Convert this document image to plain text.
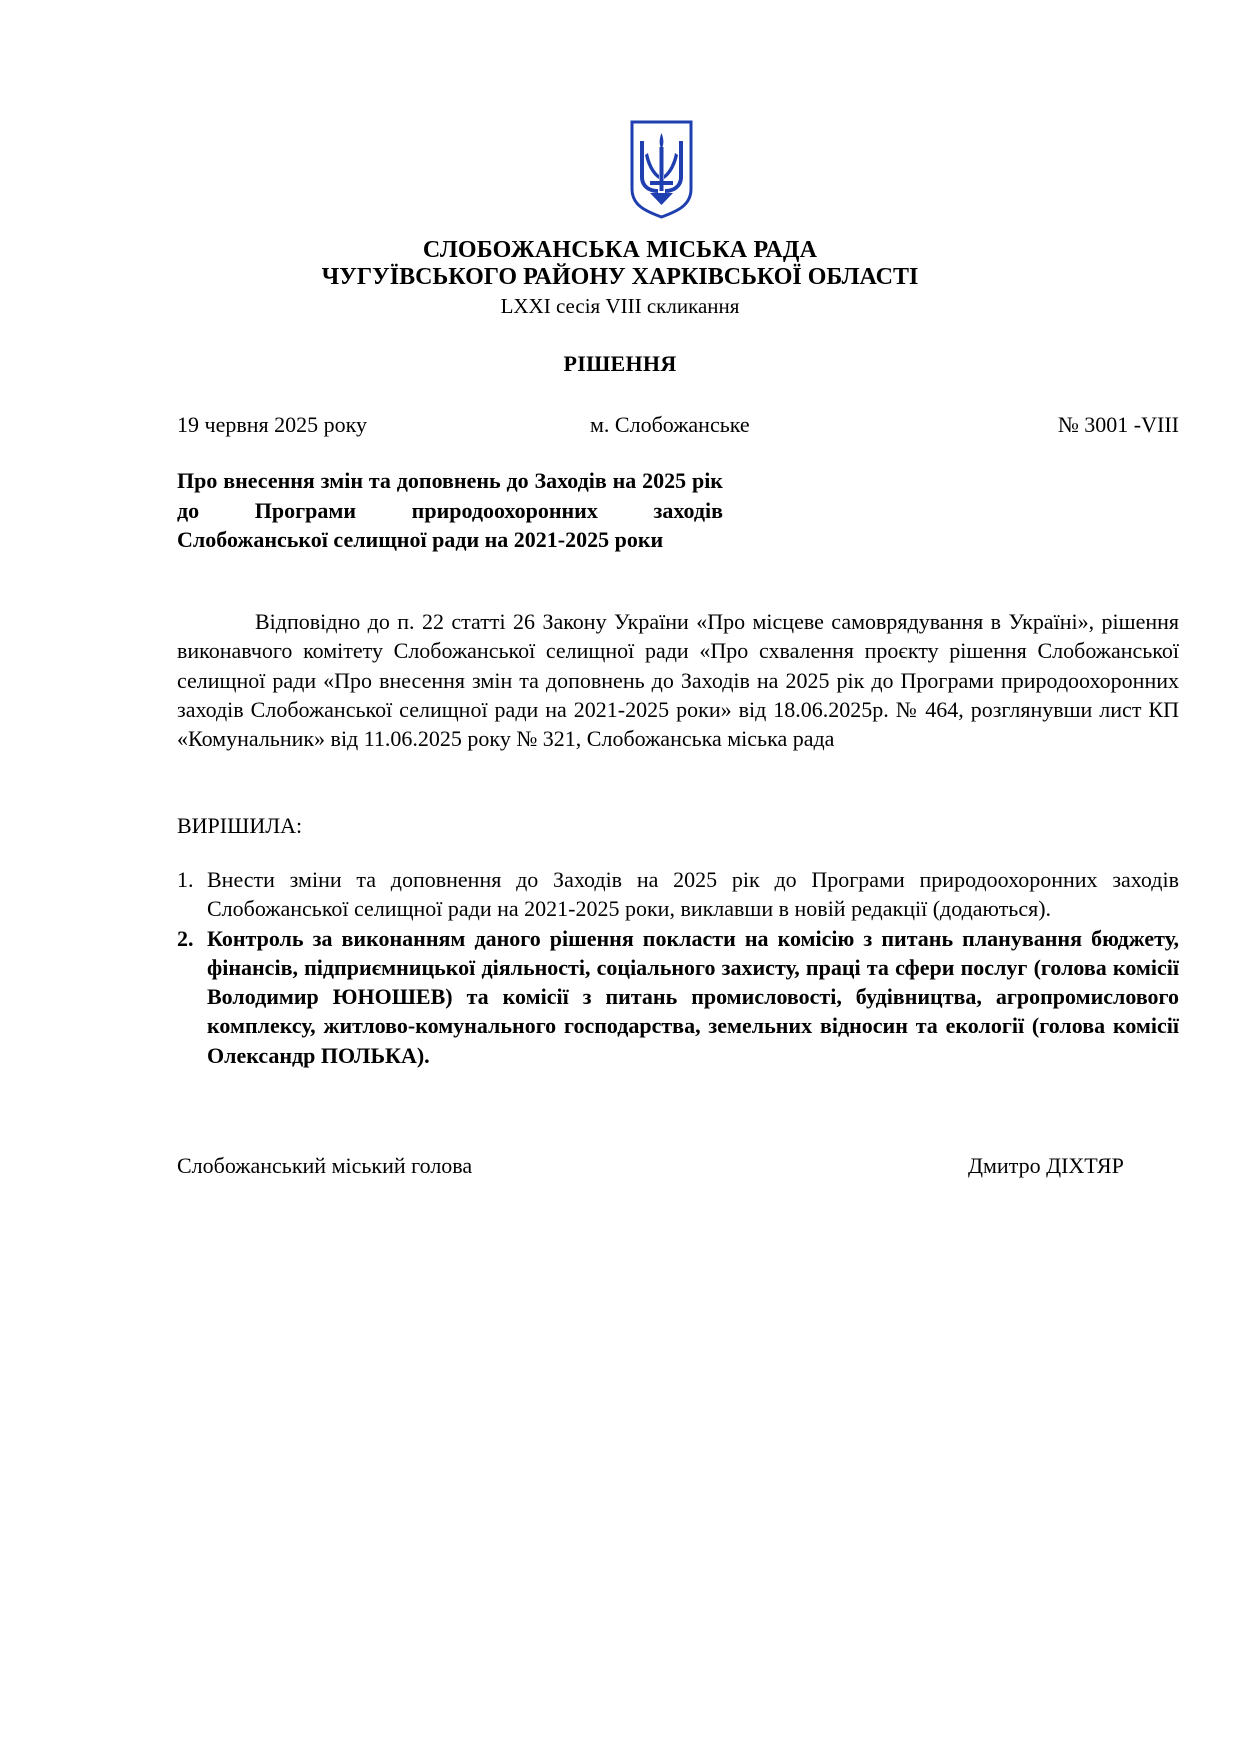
СЛОБОЖАНСЬКА МІСЬКА РАДА
ЧУГУЇВСЬКОГО РАЙОНУ ХАРКІВСЬКОЇ ОБЛАСТІ
LXXI сесія VIII скликання
РІШЕННЯ
19 червня 2025 року	м. Слобожанське	№ 3001 -VIII
Про внесення змін та доповнень до Заходів на 2025 рік до Програми природоохоронних заходів Слобожанської селищної ради на 2021-2025 роки
Відповідно до п. 22 статті 26 Закону України «Про місцеве самоврядування в Україні», рішення виконавчого комітету Слобожанської селищної ради «Про схвалення проєкту рішення Слобожанської селищної ради «Про внесення змін та доповнень до Заходів на 2025 рік до Програми природоохоронних заходів Слобожанської селищної ради на 2021-2025 роки» від 18.06.2025р. № 464, розглянувши лист КП «Комунальник» від 11.06.2025 року № 321, Слобожанська міська рада
ВИРІШИЛА:
1. Внести зміни та доповнення до Заходів на 2025 рік до Програми природоохоронних заходів Слобожанської селищної ради на 2021-2025 роки, виклавши в новій редакції (додаються).
2. Контроль за виконанням даного рішення покласти на комісію з питань планування бюджету, фінансів, підприємницької діяльності, соціального захисту, праці та сфери послуг (голова комісії Володимир ЮНОШЕВ) та комісії з питань промисловості, будівництва, агропромислового комплексу, житлово-комунального господарства, земельних відносин та екології (голова комісії Олександр ПОЛЬКА).
Слобожанський міський голова	Дмитро ДІХТЯР
